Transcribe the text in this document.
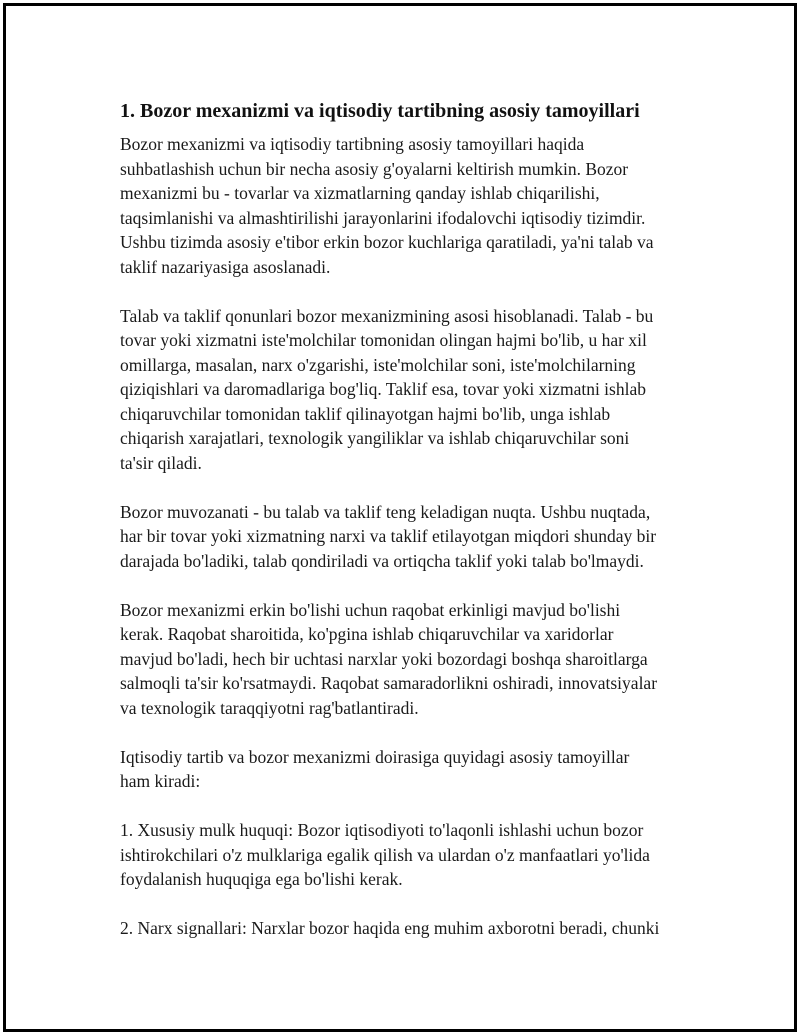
1. Bozor mexanizmi va iqtisodiy tartibning asosiy tamoyillari

Bozor mexanizmi va iqtisodiy tartibning asosiy tamoyillari haqida
suhbatlashish uchun bir necha asosiy g'oyalarni keltirish mumkin. Bozor
mexanizmi bu - tovarlar va xizmatlarning qanday ishlab chiqarilishi,
taqsimlanishi va almashtirilishi jarayonlarini ifodalovchi iqtisodiy tizimdir.
Ushbu tizimda asosiy e'tibor erkin bozor kuchlariga qaratiladi, ya'ni talab va
taklif nazariyasiga asoslanadi.

Talab va taklif qonunlari bozor mexanizmining asosi hisoblanadi. Talab - bu
tovar yoki xizmatni iste'molchilar tomonidan olingan hajmi bo'lib, u har xil
omillarga, masalan, narx o'zgarishi, iste'molchilar soni, iste'molchilarning
qiziqishlari va daromadlariga bog'liq. Taklif esa, tovar yoki xizmatni ishlab
chiqaruvchilar tomonidan taklif qilinayotgan hajmi bo'lib, unga ishlab
chiqarish xarajatlari, texnologik yangiliklar va ishlab chiqaruvchilar soni
ta'sir qiladi.

Bozor muvozanati - bu talab va taklif teng keladigan nuqta. Ushbu nuqtada,
har bir tovar yoki xizmatning narxi va taklif etilayotgan miqdori shunday bir
darajada bo'ladiki, talab qondiriladi va ortiqcha taklif yoki talab bo'lmaydi.

Bozor mexanizmi erkin bo'lishi uchun raqobat erkinligi mavjud bo'lishi
kerak. Raqobat sharoitida, ko'pgina ishlab chiqaruvchilar va xaridorlar
mavjud bo'ladi, hech bir uchtasi narxlar yoki bozordagi boshqa sharoitlarga
salmoqli ta'sir ko'rsatmaydi. Raqobat samaradorlikni oshiradi, innovatsiyalar
va texnologik taraqqiyotni rag'batlantiradi.

Iqtisodiy tartib va bozor mexanizmi doirasiga quyidagi asosiy tamoyillar
ham kiradi:

1. Xususiy mulk huquqi: Bozor iqtisodiyoti to'laqonli ishlashi uchun bozor
ishtirokchilari o'z mulklariga egalik qilish va ulardan o'z manfaatlari yo'lida
foydalanish huquqiga ega bo'lishi kerak.

2. Narx signallari: Narxlar bozor haqida eng muhim axborotni beradi, chunki
